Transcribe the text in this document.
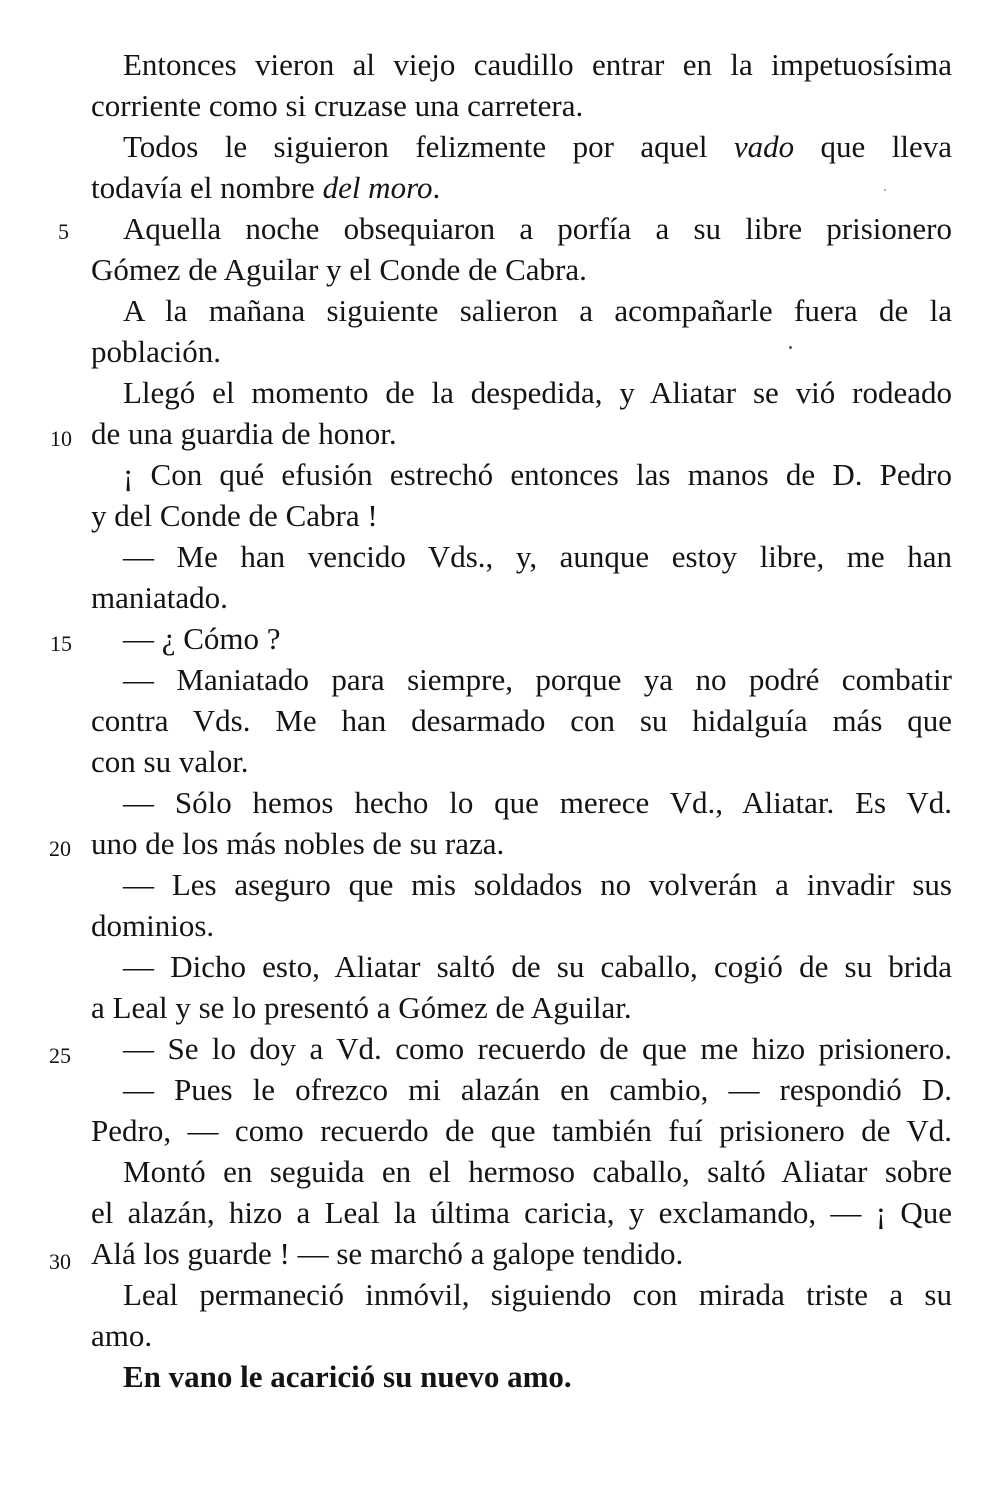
Entonces vieron al viejo caudillo entrar en la impetuosísima
corriente como si cruzase una carretera.
Todos le siguieron felizmente por aquel vado que lleva
todavía el nombre del moro.
Aquella noche obsequiaron a porfía a su libre prisionero
Gómez de Aguilar y el Conde de Cabra.
A la mañana siguiente salieron a acompañarle fuera de la
población.
Llegó el momento de la despedida, y Aliatar se vió rodeado
de una guardia de honor.
¡ Con qué efusión estrechó entonces las manos de D. Pedro
y del Conde de Cabra !
— Me han vencido Vds., y, aunque estoy libre, me han
maniatado.
— ¿ Cómo ?
— Maniatado para siempre, porque ya no podré combatir
contra Vds. Me han desarmado con su hidalguía más que
con su valor.
— Sólo hemos hecho lo que merece Vd., Aliatar. Es Vd.
uno de los más nobles de su raza.
— Les aseguro que mis soldados no volverán a invadir sus
dominios.
— Dicho esto, Aliatar saltó de su caballo, cogió de su brida
a Leal y se lo presentó a Gómez de Aguilar.
— Se lo doy a Vd. como recuerdo de que me hizo prisionero.
— Pues le ofrezco mi alazán en cambio, — respondió D.
Pedro, — como recuerdo de que también fuí prisionero de Vd.
Montó en seguida en el hermoso caballo, saltó Aliatar sobre
el alazán, hizo a Leal la última caricia, y exclamando, — ¡ Que
Alá los guarde ! — se marchó a galope tendido.
Leal permaneció inmóvil, siguiendo con mirada triste a su
amo.
En vano le acarició su nuevo amo.
5
10
15
20
25
30
